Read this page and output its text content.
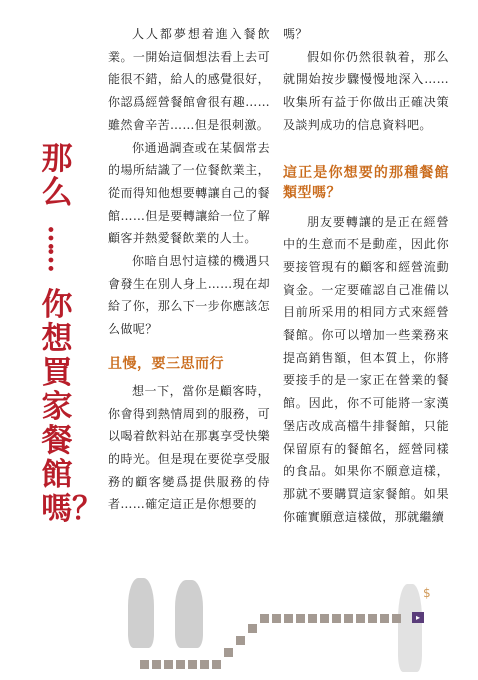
那么
……
你想買家餐館嗎？

人人都夢想着進入餐飲業。一開始這個想法看上去可能很不錯，給人的感覺很好，你認爲經營餐館會很有趣……雖然會辛苦……但是很刺激。

你通過調查或在某個常去的場所結識了一位餐飲業主，從而得知他想要轉讓自己的餐館……但是要轉讓給一位了解顧客并熱愛餐飲業的人士。

你暗自思忖這樣的機遇只會發生在別人身上……現在却給了你，那么下一步你應該怎么做呢？

且慢，要三思而行

想一下，當你是顧客時，你會得到熱情周到的服務，可以喝着飲料站在那裏享受快樂的時光。但是現在要從享受服務的顧客變爲提供服務的侍者……確定這正是你想要的

嗎？

假如你仍然很執着，那么就開始按步驟慢慢地深入……收集所有益于你做出正確决策及談判成功的信息資料吧。

這正是你想要的那種餐館類型嗎？

朋友要轉讓的是正在經營中的生意而不是動産，因此你要接管現有的顧客和經營流動資金。一定要確認自己准備以目前所采用的相同方式來經營餐館。你可以增加一些業務來提高銷售額，但本質上，你將要接手的是一家正在營業的餐館。因此，你不可能將一家漢堡店改成高檔牛排餐館，只能保留原有的餐館名，經營同樣的食品。如果你不願意這樣，那就不要購買這家餐館。如果你確實願意這樣做，那就繼續

▸
$
